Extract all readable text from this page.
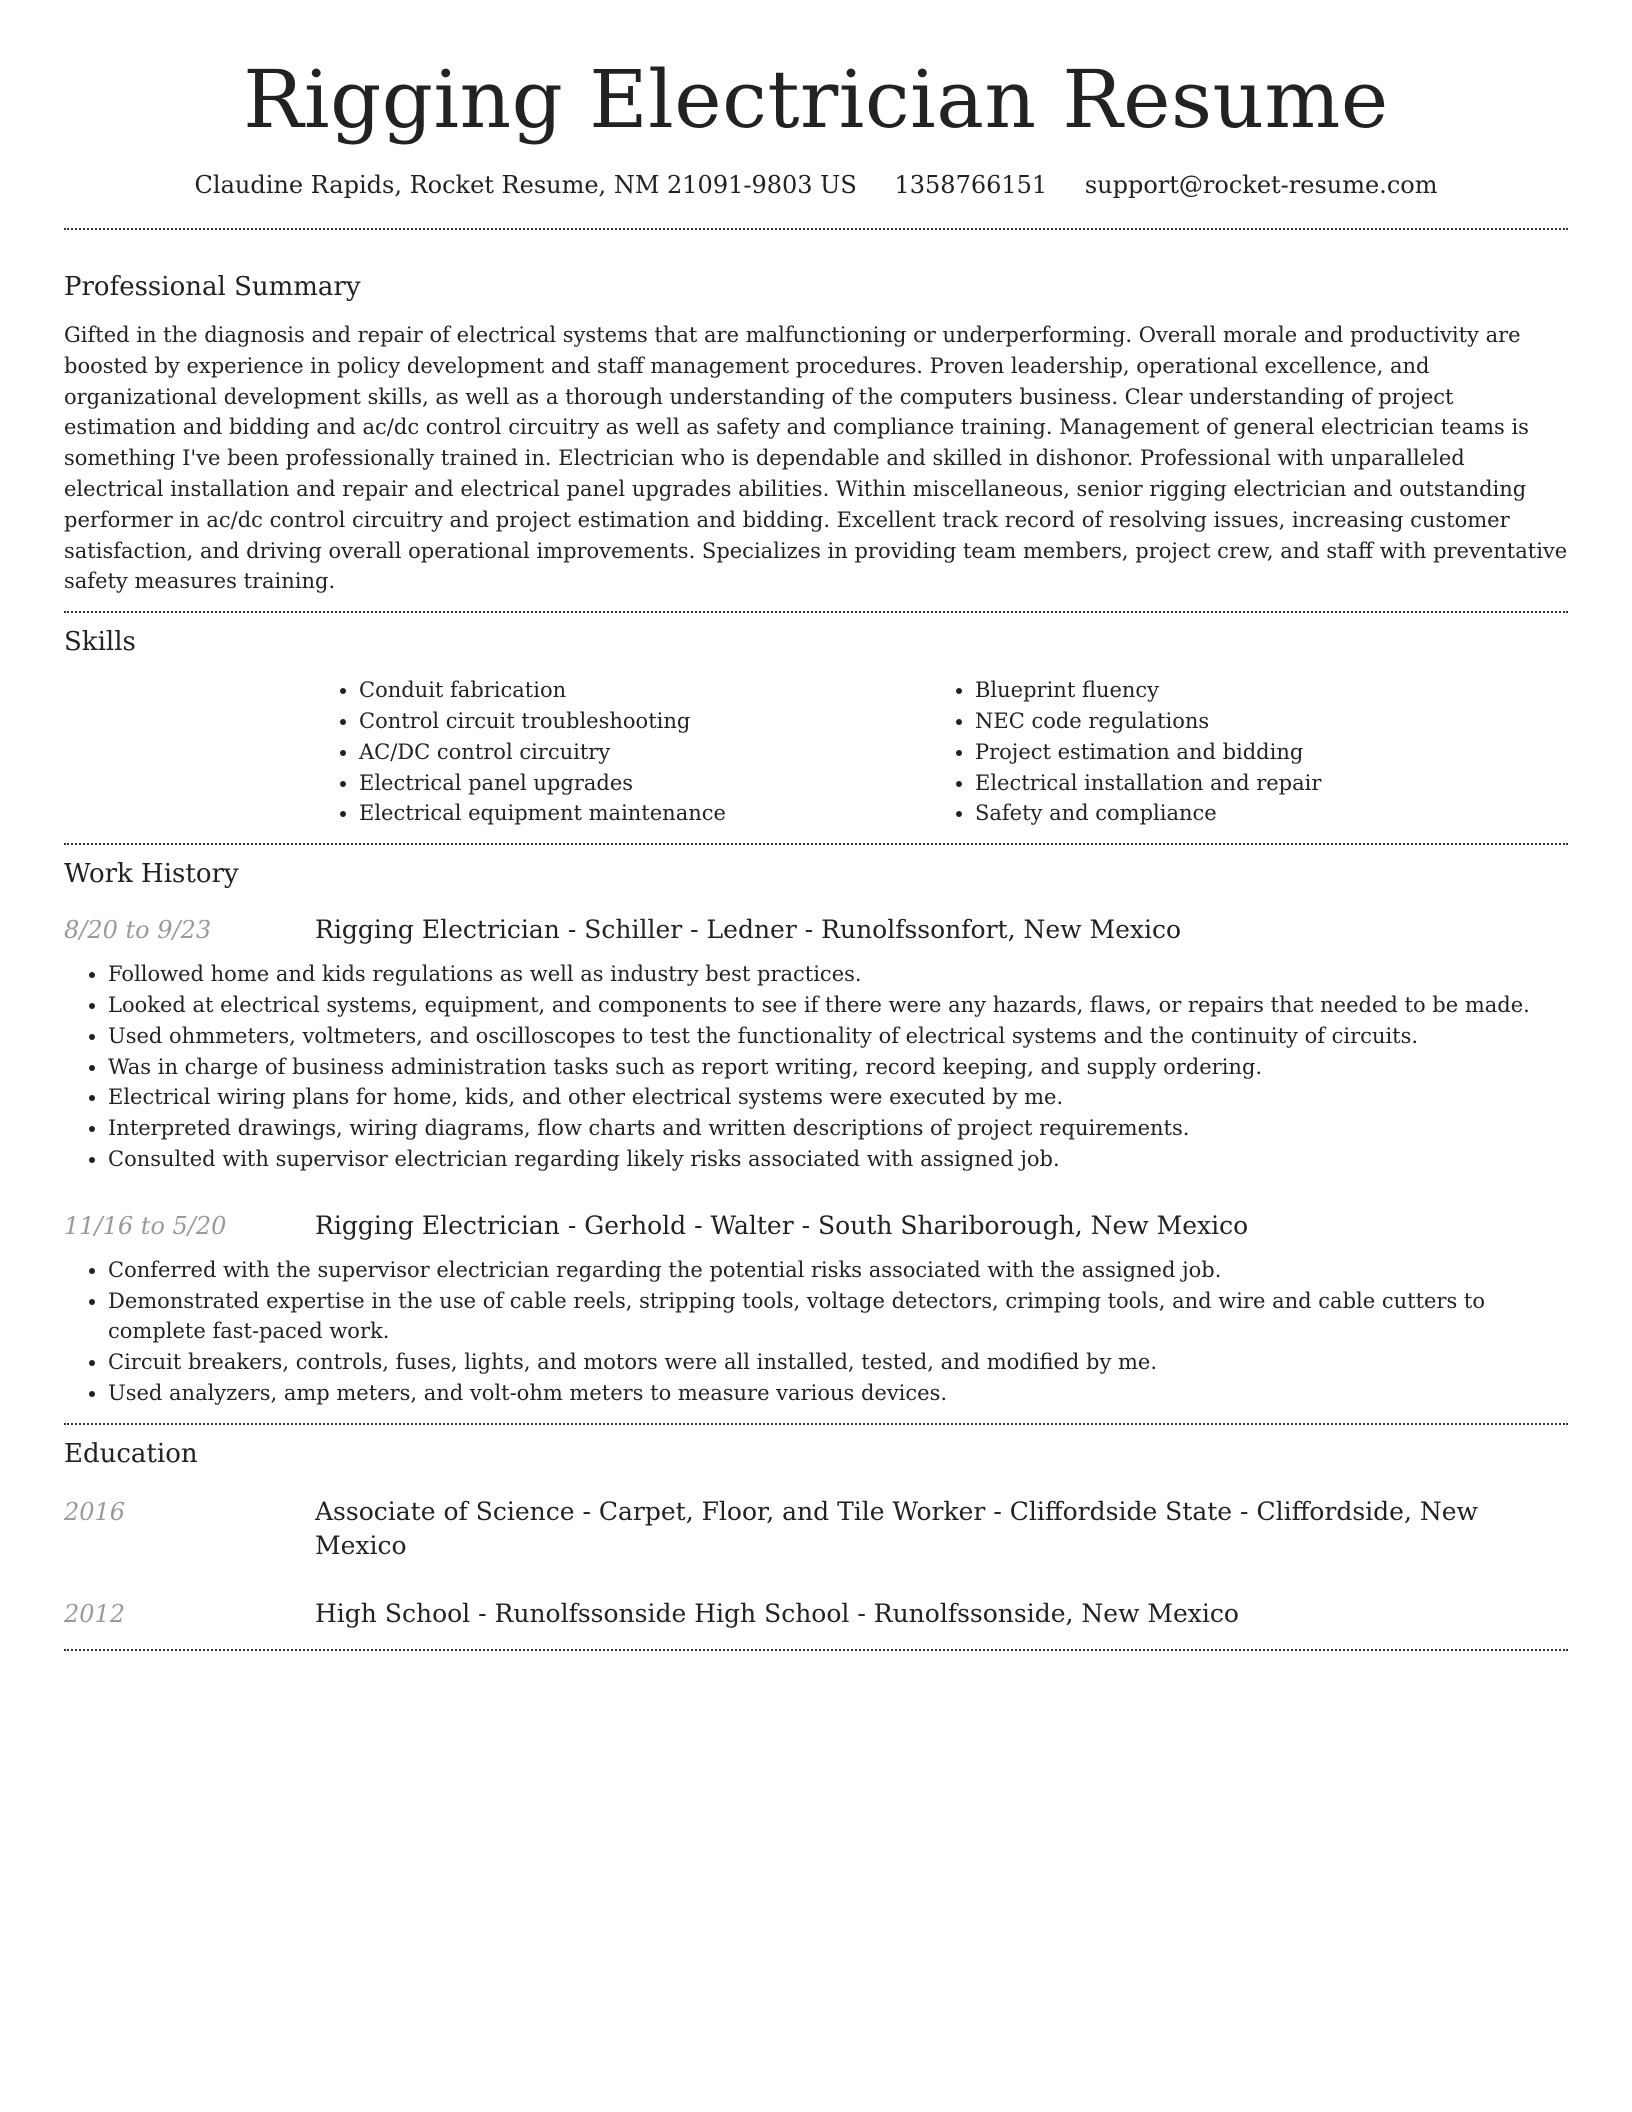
Rigging Electrician Resume
Claudine Rapids, Rocket Resume, NM 21091-9803 US 1358766151 support@rocket-resume.com
Professional Summary

Gifted in the diagnosis and repair of electrical systems that are malfunctioning or underperforming. Overall morale and productivity are boosted by experience in policy development and staff management procedures. Proven leadership, operational excellence, and organizational development skills, as well as a thorough understanding of the computers business. Clear understanding of project estimation and bidding and ac/dc control circuitry as well as safety and compliance training. Management of general electrician teams is something I've been professionally trained in. Electrician who is dependable and skilled in dishonor. Professional with unparalleled electrical installation and repair and electrical panel upgrades abilities. Within miscellaneous, senior rigging electrician and outstanding performer in ac/dc control circuitry and project estimation and bidding. Excellent track record of resolving issues, increasing customer satisfaction, and driving overall operational improvements. Specializes in providing team members, project crew, and staff with preventative safety measures training.

Skills
• Conduit fabrication
• Control circuit troubleshooting
• AC/DC control circuitry
• Electrical panel upgrades
• Electrical equipment maintenance
• Blueprint fluency
• NEC code regulations
• Project estimation and bidding
• Electrical installation and repair
• Safety and compliance
Work History
8/20 to 9/23	Rigging Electrician - Schiller - Ledner - Runolfssonfort, New Mexico
• Followed home and kids regulations as well as industry best practices.
• Looked at electrical systems, equipment, and components to see if there were any hazards, flaws, or repairs that needed to be made.
• Used ohmmeters, voltmeters, and oscilloscopes to test the functionality of electrical systems and the continuity of circuits.
• Was in charge of business administration tasks such as report writing, record keeping, and supply ordering.
• Electrical wiring plans for home, kids, and other electrical systems were executed by me.
• Interpreted drawings, wiring diagrams, flow charts and written descriptions of project requirements.
• Consulted with supervisor electrician regarding likely risks associated with assigned job.
11/16 to 5/20	Rigging Electrician - Gerhold - Walter - South Shariborough, New Mexico
• Conferred with the supervisor electrician regarding the potential risks associated with the assigned job.
• Demonstrated expertise in the use of cable reels, stripping tools, voltage detectors, crimping tools, and wire and cable cutters to complete fast-paced work.
• Circuit breakers, controls, fuses, lights, and motors were all installed, tested, and modified by me.
• Used analyzers, amp meters, and volt-ohm meters to measure various devices.
Education
2016	Associate of Science - Carpet, Floor, and Tile Worker - Cliffordside State - Cliffordside, New Mexico
2012	High School - Runolfssonside High School - Runolfssonside, New Mexico
